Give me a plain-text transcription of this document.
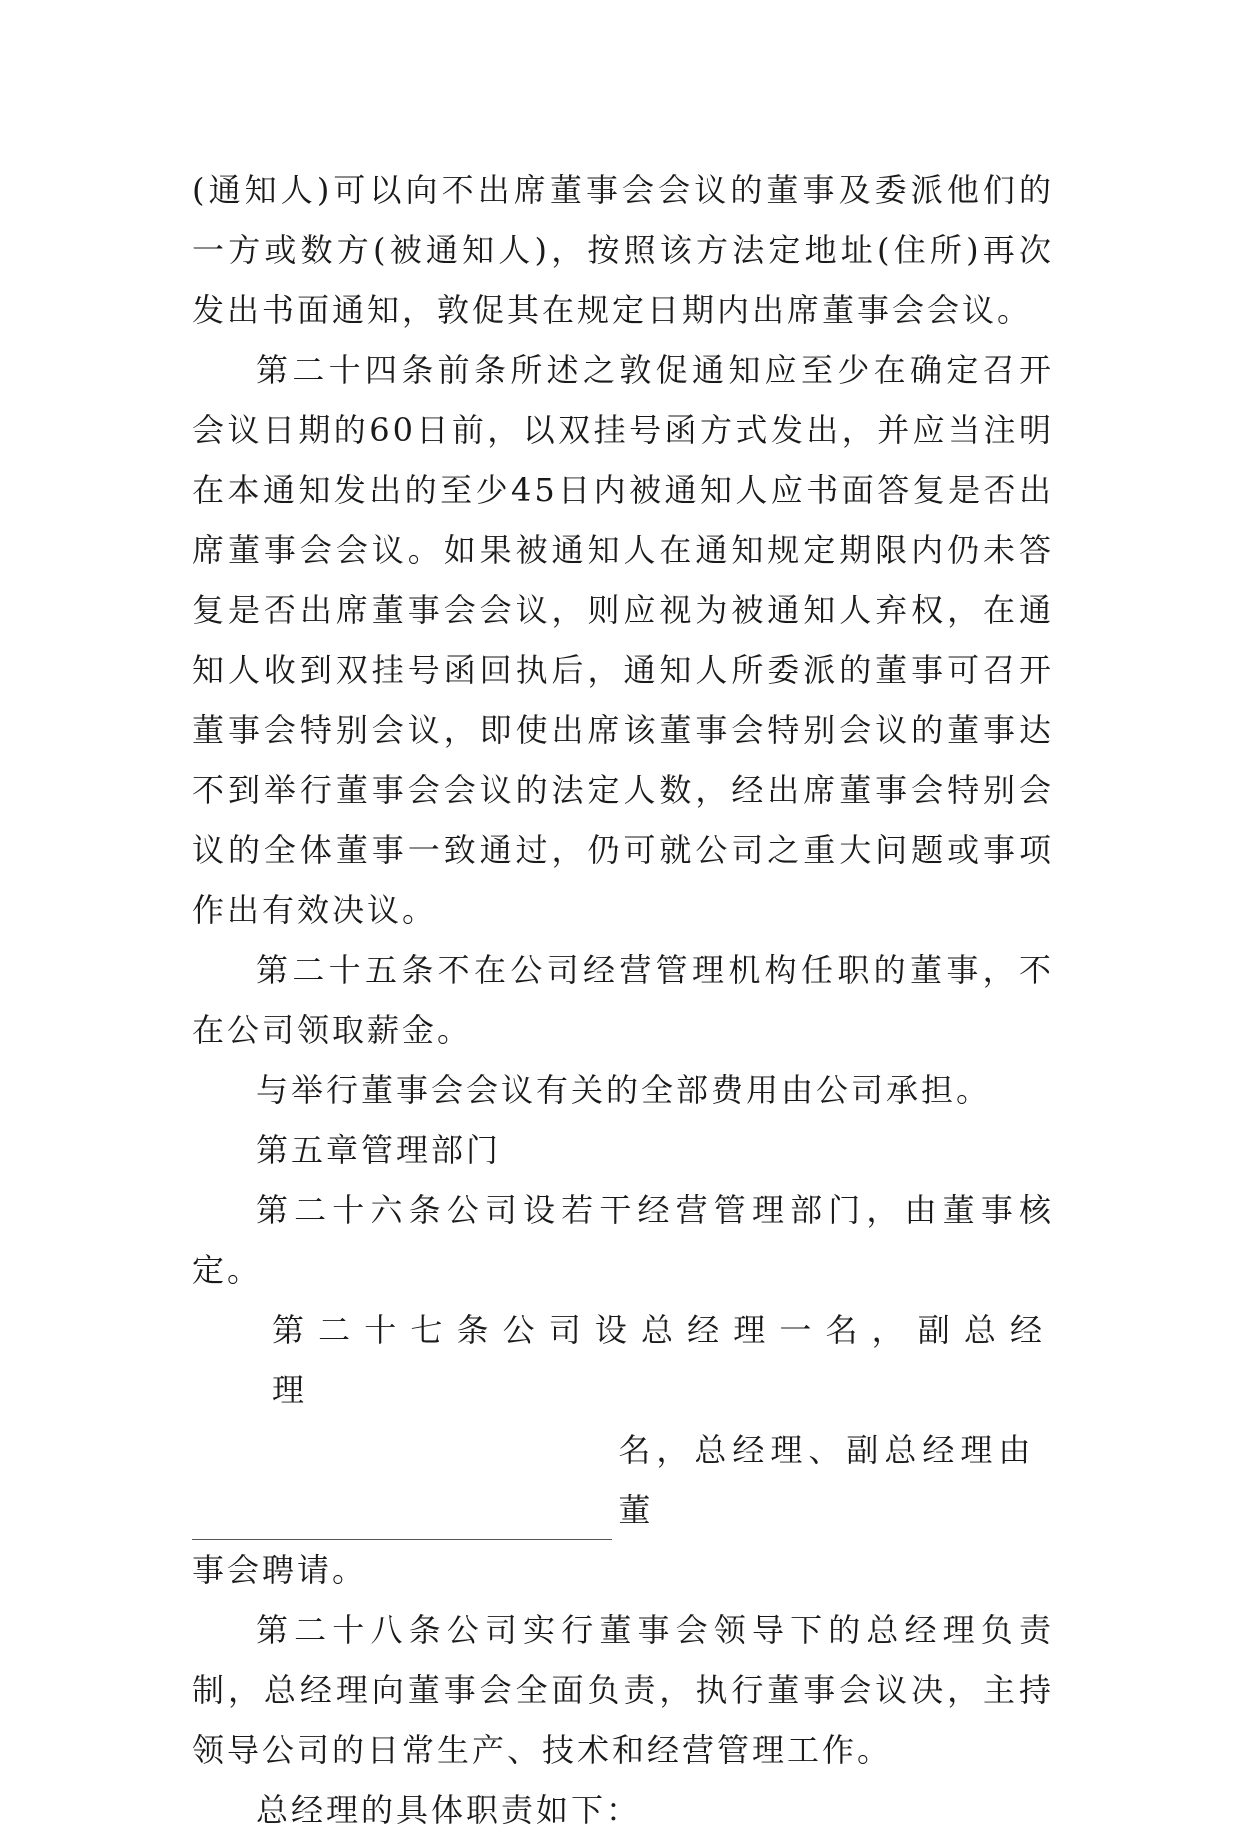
(通知人)可以向不出席董事会会议的董事及委派他们的一方或数方(被通知人)，按照该方法定地址(住所)再次发出书面通知，敦促其在规定日期内出席董事会会议。

第二十四条前条所述之敦促通知应至少在确定召开会议日期的60日前，以双挂号函方式发出，并应当注明在本通知发出的至少45日内被通知人应书面答复是否出席董事会会议。如果被通知人在通知规定期限内仍未答复是否出席董事会会议，则应视为被通知人弃权，在通知人收到双挂号函回执后，通知人所委派的董事可召开董事会特别会议，即使出席该董事会特别会议的董事达不到举行董事会会议的法定人数，经出席董事会特别会议的全体董事一致通过，仍可就公司之重大问题或事项作出有效决议。

第二十五条不在公司经营管理机构任职的董事，不在公司领取薪金。

与举行董事会会议有关的全部费用由公司承担。

第五章管理部门

第二十六条公司设若干经营管理部门，由董事核定。

第二十七条公司设总经理一名，副总经理
名，总经理、副总经理由董
事会聘请。

第二十八条公司实行董事会领导下的总经理负责制，总经理向董事会全面负责，执行董事会议决，主持领导公司的日常生产、技术和经营管理工作。

总经理的具体职责如下：
